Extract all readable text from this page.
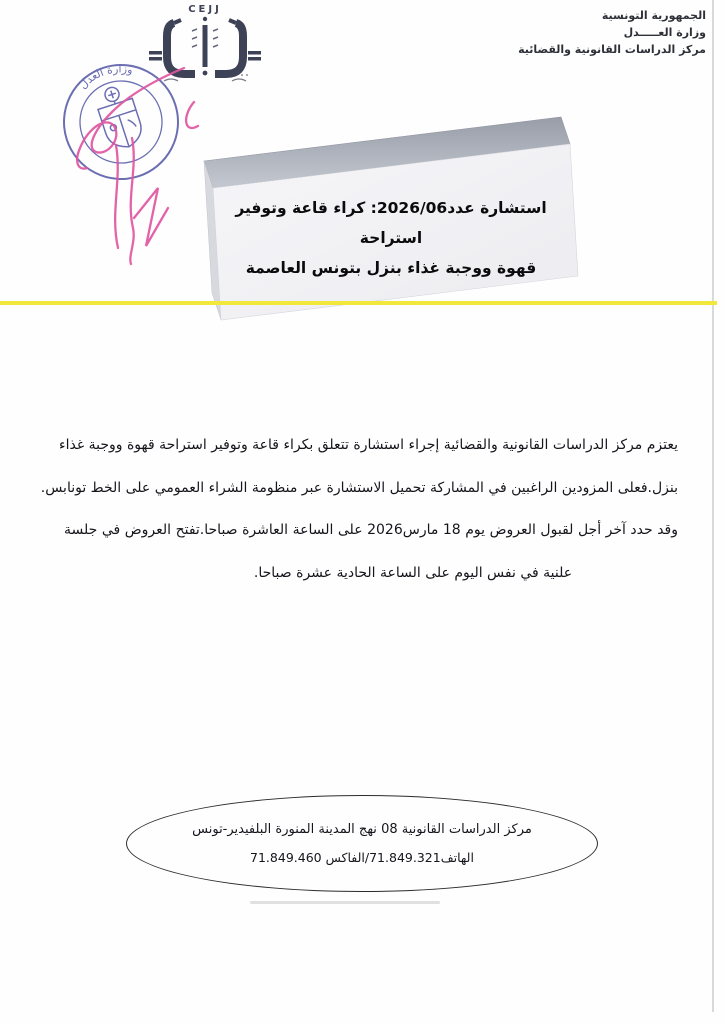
الجمهورية التونسية
وزارة العـــــدل
مركز الدراسات القانونية والقضائية
CEJJ
وزارة العدل
استشارة عدد2026/06: كراء قاعة وتوفير استراحة
قهوة ووجبة غذاء بنزل بتونس العاصمة
يعتزم مركز الدراسات القانونية والقضائية إجراء استشارة تتعلق بكراء قاعة وتوفير استراحة قهوة ووجبة غذاء
بنزل.فعلى المزودين الراغبين في المشاركة تحميل الاستشارة عبر منظومة الشراء العمومي على الخط تونابس.
وقد حدد آخر أجل لقبول العروض يوم 18 مارس2026 على الساعة العاشرة صباحا.تفتح العروض في جلسة
علنية في نفس اليوم على الساعة الحادية عشرة صباحا.
مركز الدراسات القانونية 08 نهج المدينة المنورة البلفيدير-تونس
الهاتف71.849.321/الفاكس 71.849.460
